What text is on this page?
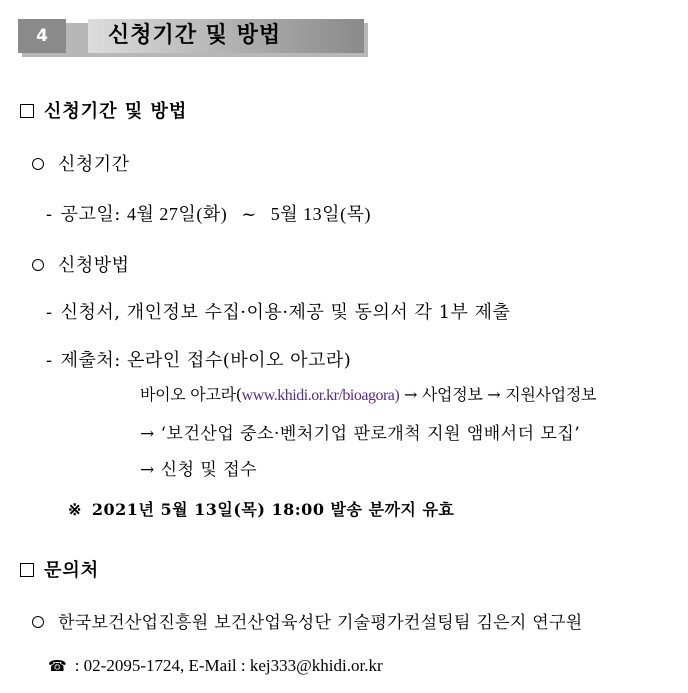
4	신청기간 및 방법
신청기간 및 방법
신청기간
- 공고일: 4월 27일(화) ~ 5월 13일(목)
신청방법
- 신청서, 개인정보 수집·이용·제공 및 동의서 각 1부 제출
- 제출처: 온라인 접수(바이오 아고라)
바이오 아고라(www.khidi.or.kr/bioagora) → 사업정보 → 지원사업정보
→ ‘보건산업 중소·벤처기업 판로개척 지원 앰배서더 모집’
→ 신청 및 접수
※ 2021년 5월 13일(목) 18:00 발송 분까지 유효
문의처
한국보건산업진흥원 보건산업육성단 기술평가컨설팅팀 김은지 연구원
☎ : 02-2095-1724, E-Mail : kej333@khidi.or.kr
